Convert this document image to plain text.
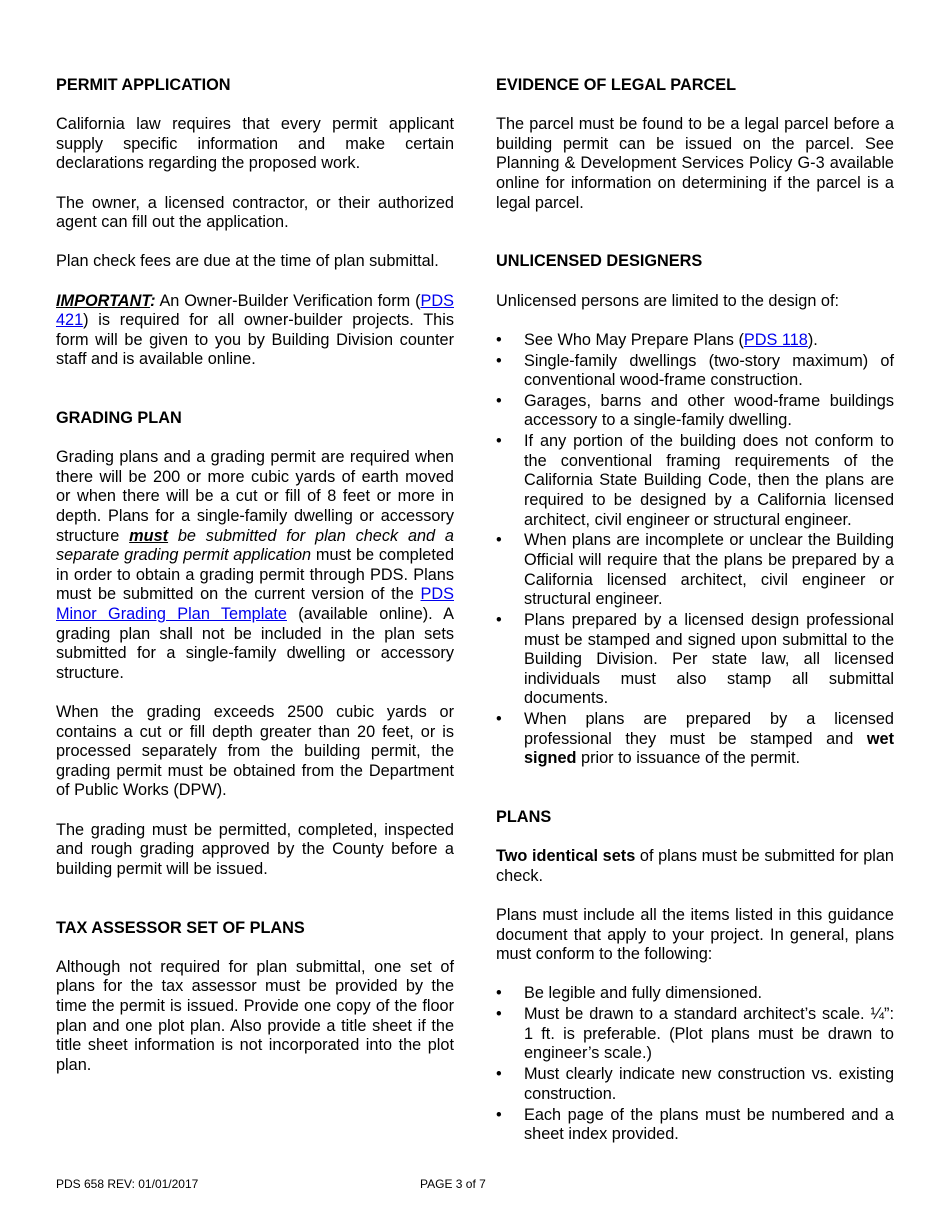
PERMIT APPLICATION

California law requires that every permit applicant supply specific information and make certain declarations regarding the proposed work.

The owner, a licensed contractor, or their authorized agent can fill out the application.

Plan check fees are due at the time of plan submittal.

IMPORTANT: An Owner-Builder Verification form (PDS 421) is required for all owner-builder projects. This form will be given to you by Building Division counter staff and is available online.

GRADING PLAN

Grading plans and a grading permit are required when there will be 200 or more cubic yards of earth moved or when there will be a cut or fill of 8 feet or more in depth. Plans for a single-family dwelling or accessory structure must be submitted for plan check and a separate grading permit application must be completed in order to obtain a grading permit through PDS. Plans must be submitted on the current version of the PDS Minor Grading Plan Template (available online). A grading plan shall not be included in the plan sets submitted for a single-family dwelling or accessory structure.

When the grading exceeds 2500 cubic yards or contains a cut or fill depth greater than 20 feet, or is processed separately from the building permit, the grading permit must be obtained from the Department of Public Works (DPW).

The grading must be permitted, completed, inspected and rough grading approved by the County before a building permit will be issued.

TAX ASSESSOR SET OF PLANS

Although not required for plan submittal, one set of plans for the tax assessor must be provided by the time the permit is issued. Provide one copy of the floor plan and one plot plan. Also provide a title sheet if the title sheet information is not incorporated into the plot plan.

EVIDENCE OF LEGAL PARCEL

The parcel must be found to be a legal parcel before a building permit can be issued on the parcel. See Planning & Development Services Policy G-3 available online for information on determining if the parcel is a legal parcel.

UNLICENSED DESIGNERS

Unlicensed persons are limited to the design of:

• See Who May Prepare Plans (PDS 118).
• Single-family dwellings (two-story maximum) of conventional wood-frame construction.
• Garages, barns and other wood-frame buildings accessory to a single-family dwelling.
• If any portion of the building does not conform to the conventional framing requirements of the California State Building Code, then the plans are required to be designed by a California licensed architect, civil engineer or structural engineer.
• When plans are incomplete or unclear the Building Official will require that the plans be prepared by a California licensed architect, civil engineer or structural engineer.
• Plans prepared by a licensed design professional must be stamped and signed upon submittal to the Building Division. Per state law, all licensed individuals must also stamp all submittal documents.
• When plans are prepared by a licensed professional they must be stamped and wet signed prior to issuance of the permit.
PLANS

Two identical sets of plans must be submitted for plan check.

Plans must include all the items listed in this guidance document that apply to your project. In general, plans must conform to the following:

• Be legible and fully dimensioned.
• Must be drawn to a standard architect’s scale. ¼”: 1 ft. is preferable. (Plot plans must be drawn to engineer’s scale.)
• Must clearly indicate new construction vs. existing construction.
• Each page of the plans must be numbered and a sheet index provided.
PDS 658 REV: 01/01/2017	PAGE 3 of 7
